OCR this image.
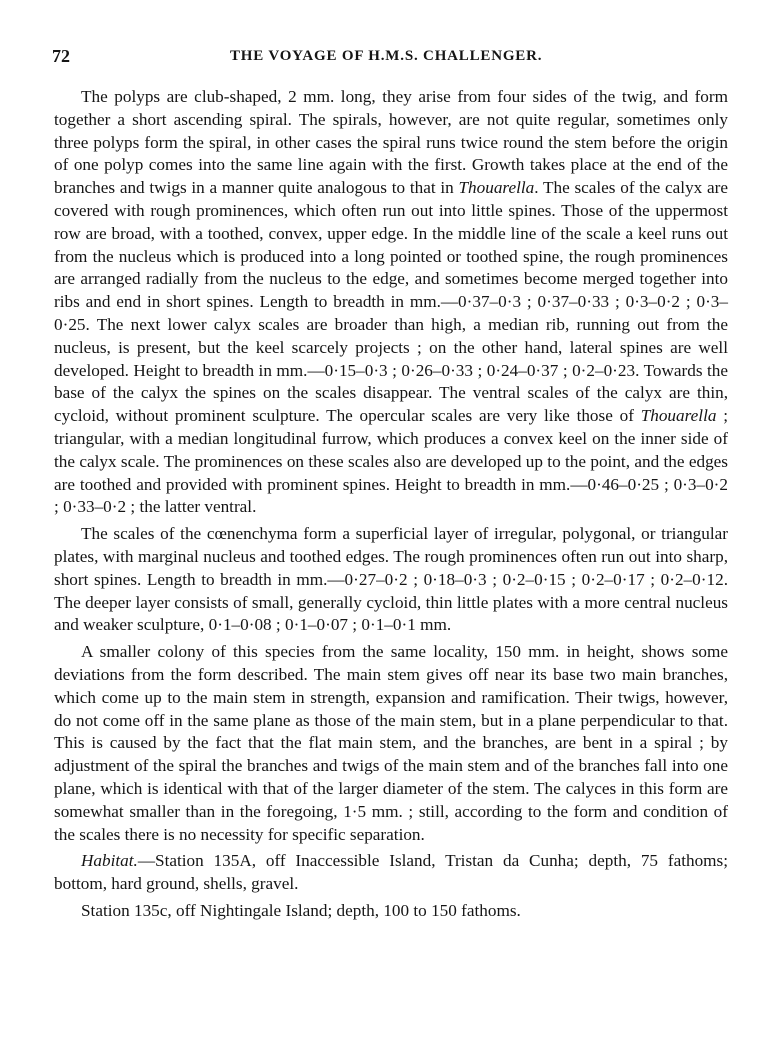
72	THE VOYAGE OF H.M.S. CHALLENGER.

The polyps are club-shaped, 2 mm. long, they arise from four sides of the twig, and form together a short ascending spiral. The spirals, however, are not quite regular, sometimes only three polyps form the spiral, in other cases the spiral runs twice round the stem before the origin of one polyp comes into the same line again with the first. Growth takes place at the end of the branches and twigs in a manner quite analogous to that in Thouarella. The scales of the calyx are covered with rough prominences, which often run out into little spines. Those of the uppermost row are broad, with a toothed, convex, upper edge. In the middle line of the scale a keel runs out from the nucleus which is produced into a long pointed or toothed spine, the rough prominences are arranged radially from the nucleus to the edge, and sometimes become merged together into ribs and end in short spines. Length to breadth in mm.—0·37–0·3 ; 0·37–0·33 ; 0·3–0·2 ; 0·3–0·25. The next lower calyx scales are broader than high, a median rib, running out from the nucleus, is present, but the keel scarcely projects ; on the other hand, lateral spines are well developed. Height to breadth in mm.—0·15–0·3 ; 0·26–0·33 ; 0·24–0·37 ; 0·2–0·23. Towards the base of the calyx the spines on the scales disappear. The ventral scales of the calyx are thin, cycloid, without prominent sculpture. The opercular scales are very like those of Thouarella ; triangular, with a median longitudinal furrow, which produces a convex keel on the inner side of the calyx scale. The prominences on these scales also are developed up to the point, and the edges are toothed and provided with prominent spines. Height to breadth in mm.—0·46–0·25 ; 0·3–0·2 ; 0·33–0·2 ; the latter ventral.

The scales of the cœnenchyma form a superficial layer of irregular, polygonal, or triangular plates, with marginal nucleus and toothed edges. The rough prominences often run out into sharp, short spines. Length to breadth in mm.—0·27–0·2 ; 0·18–0·3 ; 0·2–0·15 ; 0·2–0·17 ; 0·2–0·12. The deeper layer consists of small, generally cycloid, thin little plates with a more central nucleus and weaker sculpture, 0·1–0·08 ; 0·1–0·07 ; 0·1–0·1 mm.

A smaller colony of this species from the same locality, 150 mm. in height, shows some deviations from the form described. The main stem gives off near its base two main branches, which come up to the main stem in strength, expansion and ramification. Their twigs, however, do not come off in the same plane as those of the main stem, but in a plane perpendicular to that. This is caused by the fact that the flat main stem, and the branches, are bent in a spiral ; by adjustment of the spiral the branches and twigs of the main stem and of the branches fall into one plane, which is identical with that of the larger diameter of the stem. The calyces in this form are somewhat smaller than in the foregoing, 1·5 mm. ; still, according to the form and condition of the scales there is no necessity for specific separation.

Habitat.—Station 135A, off Inaccessible Island, Tristan da Cunha; depth, 75 fathoms; bottom, hard ground, shells, gravel.

Station 135c, off Nightingale Island; depth, 100 to 150 fathoms.
